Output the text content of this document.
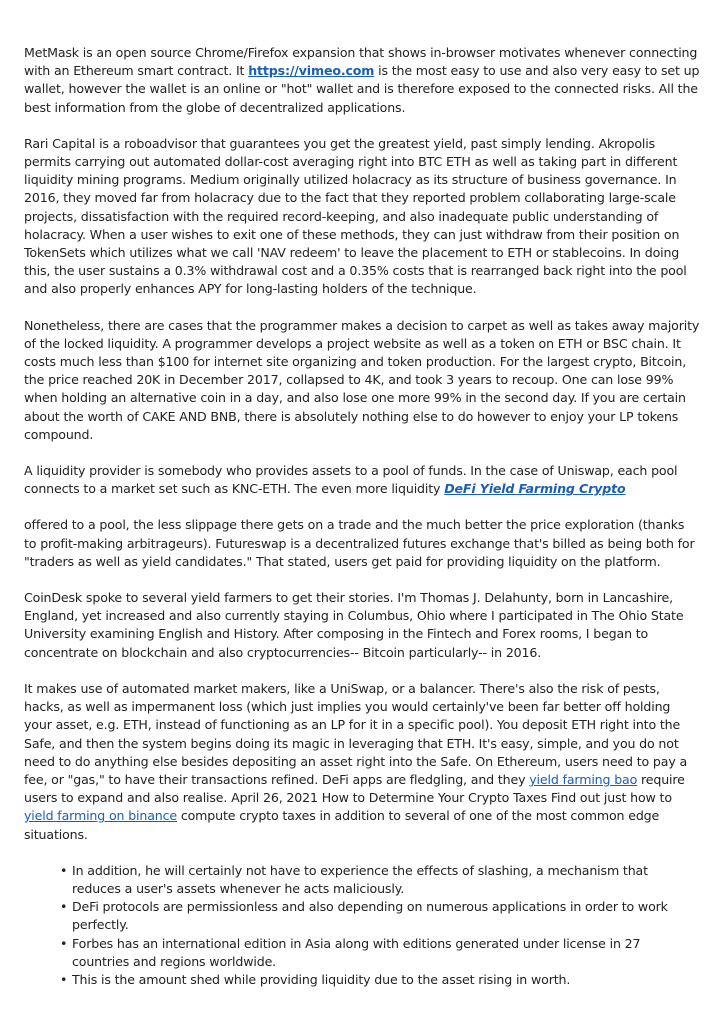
MetMask is an open source Chrome/Firefox expansion that shows in-browser motivates whenever connecting with an Ethereum smart contract. It https://vimeo.com is the most easy to use and also very easy to set up wallet, however the wallet is an online or "hot" wallet and is therefore exposed to the connected risks. All the best information from the globe of decentralized applications.

Rari Capital is a roboadvisor that guarantees you get the greatest yield, past simply lending. Akropolis permits carrying out automated dollar-cost averaging right into BTC ETH as well as taking part in different liquidity mining programs. Medium originally utilized holacracy as its structure of business governance. In 2016, they moved far from holacracy due to the fact that they reported problem collaborating large-scale projects, dissatisfaction with the required record-keeping, and also inadequate public understanding of holacracy. When a user wishes to exit one of these methods, they can just withdraw from their position on TokenSets which utilizes what we call 'NAV redeem' to leave the placement to ETH or stablecoins. In doing this, the user sustains a 0.3% withdrawal cost and a 0.35% costs that is rearranged back right into the pool and also properly enhances APY for long-lasting holders of the technique.

Nonetheless, there are cases that the programmer makes a decision to carpet as well as takes away majority of the locked liquidity. A programmer develops a project website as well as a token on ETH or BSC chain. It costs much less than $100 for internet site organizing and token production. For the largest crypto, Bitcoin, the price reached 20K in December 2017, collapsed to 4K, and took 3 years to recoup. One can lose 99% when holding an alternative coin in a day, and also lose one more 99% in the second day. If you are certain about the worth of CAKE AND BNB, there is absolutely nothing else to do however to enjoy your LP tokens compound.

A liquidity provider is somebody who provides assets to a pool of funds. In the case of Uniswap, each pool connects to a market set such as KNC-ETH. The even more liquidity DeFi Yield Farming Crypto

offered to a pool, the less slippage there gets on a trade and the much better the price exploration (thanks to profit-making arbitrageurs). Futureswap is a decentralized futures exchange that's billed as being both for "traders as well as yield candidates." That stated, users get paid for providing liquidity on the platform.

CoinDesk spoke to several yield farmers to get their stories. I'm Thomas J. Delahunty, born in Lancashire, England, yet increased and also currently staying in Columbus, Ohio where I participated in The Ohio State University examining English and History. After composing in the Fintech and Forex rooms, I began to concentrate on blockchain and also cryptocurrencies-- Bitcoin particularly-- in 2016.

It makes use of automated market makers, like a UniSwap, or a balancer. There's also the risk of pests, hacks, as well as impermanent loss (which just implies you would certainly've been far better off holding your asset, e.g. ETH, instead of functioning as an LP for it in a specific pool). You deposit ETH right into the Safe, and then the system begins doing its magic in leveraging that ETH. It's easy, simple, and you do not need to do anything else besides depositing an asset right into the Safe. On Ethereum, users need to pay a fee, or "gas," to have their transactions refined. DeFi apps are fledgling, and they yield farming bao require users to expand and also realise. April 26, 2021 How to Determine Your Crypto Taxes Find out just how to yield farming on binance compute crypto taxes in addition to several of one of the most common edge situations.

• In addition, he will certainly not have to experience the effects of slashing, a mechanism that reduces a user's assets whenever he acts maliciously.
• DeFi protocols are permissionless and also depending on numerous applications in order to work perfectly.
• Forbes has an international edition in Asia along with editions generated under license in 27 countries and regions worldwide.
• This is the amount shed while providing liquidity due to the asset rising in worth.
